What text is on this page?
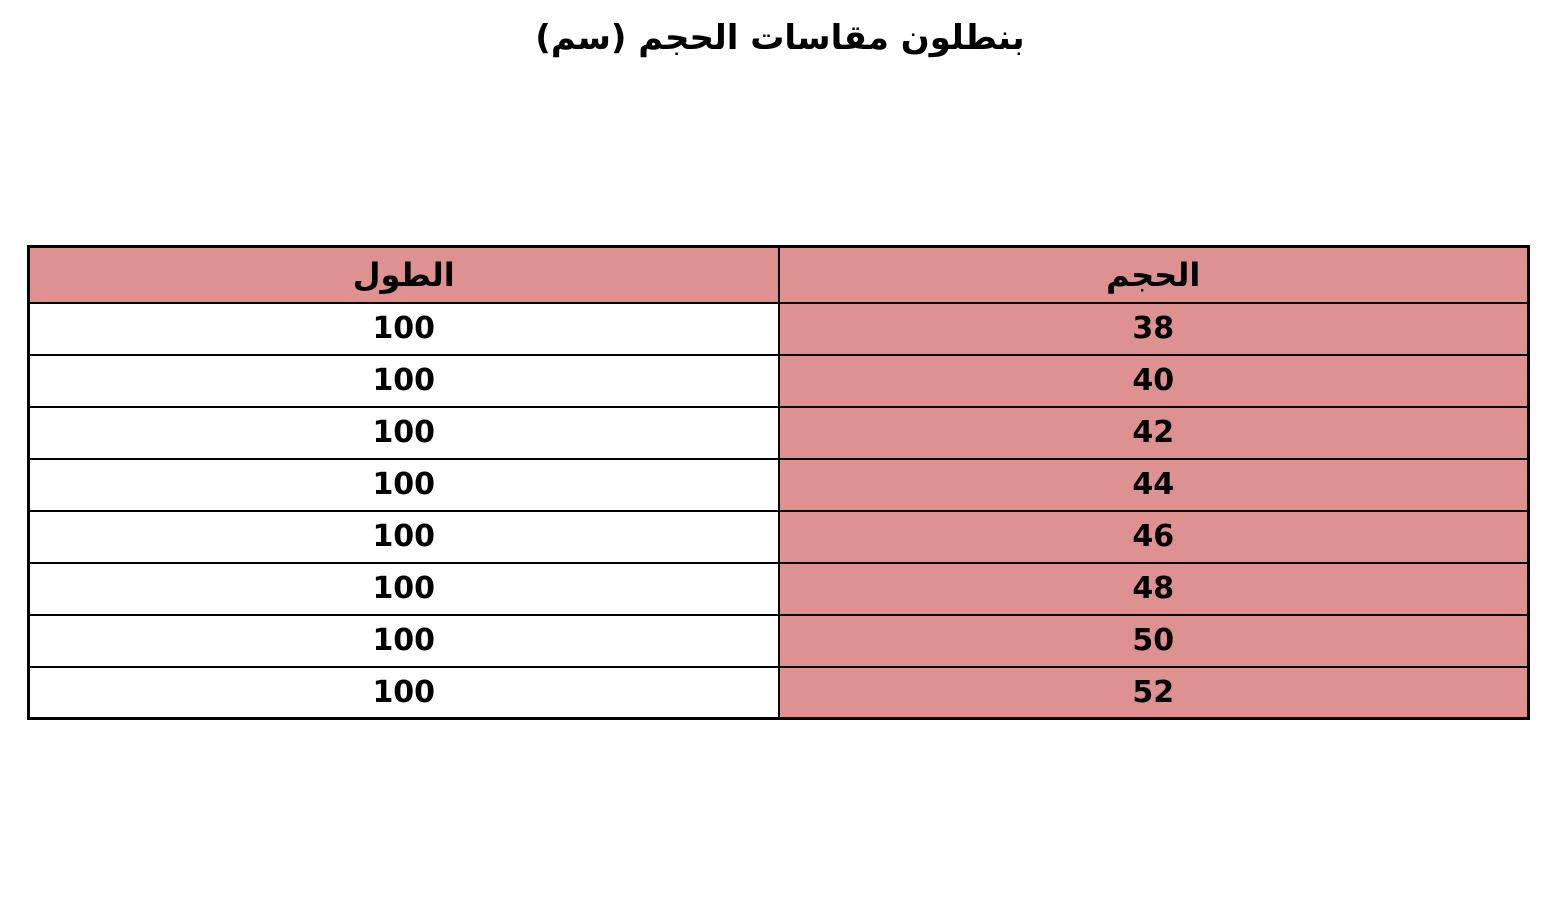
بنطلون مقاسات الحجم (سم)
الحجم	الطول
38	100
40	100
42	100
44	100
46	100
48	100
50	100
52	100
